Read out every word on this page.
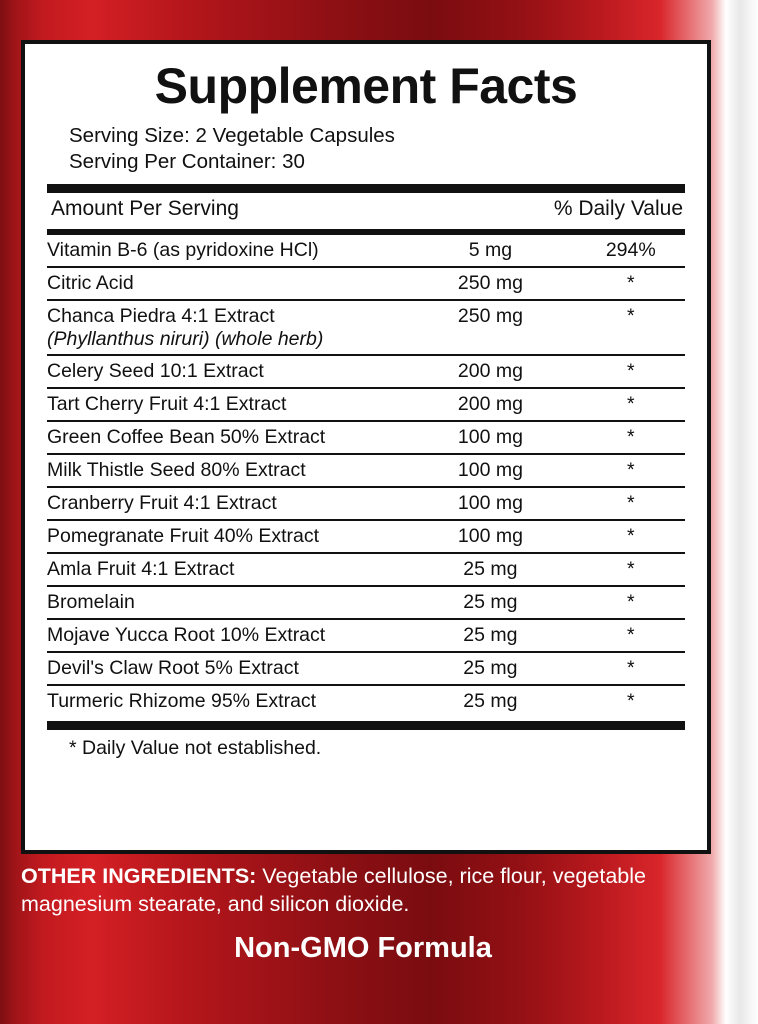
Supplement Facts
Serving Size: 2 Vegetable Capsules
Serving Per Container: 30
Amount Per Serving	% Daily Value
Vitamin B-6 (as pyridoxine HCl)	5 mg	294%
Citric Acid	250 mg	*
Chanca Piedra 4:1 Extract
(Phyllanthus niruri) (whole herb)	250 mg	*
Celery Seed 10:1 Extract	200 mg	*
Tart Cherry Fruit 4:1 Extract	200 mg	*
Green Coffee Bean 50% Extract	100 mg	*
Milk Thistle Seed 80% Extract	100 mg	*
Cranberry Fruit 4:1 Extract	100 mg	*
Pomegranate Fruit 40% Extract	100 mg	*
Amla Fruit 4:1 Extract	25 mg	*
Bromelain	25 mg	*
Mojave Yucca Root 10% Extract	25 mg	*
Devil's Claw Root 5% Extract	25 mg	*
Turmeric Rhizome 95% Extract	25 mg	*
* Daily Value not established.
OTHER INGREDIENTS: Vegetable cellulose, rice flour, vegetable magnesium stearate, and silicon dioxide.
Non-GMO Formula
